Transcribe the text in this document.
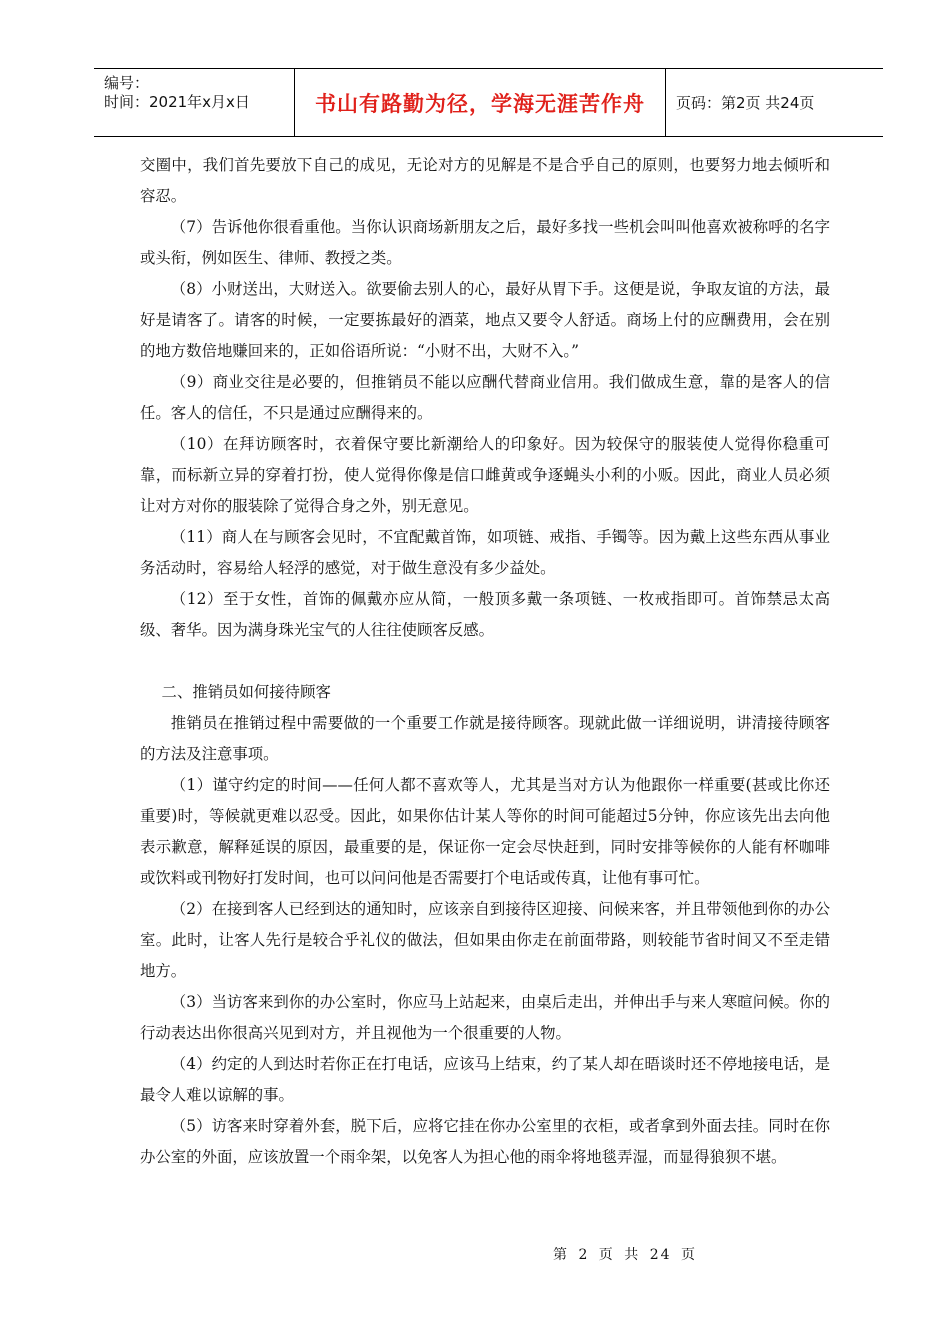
编号：
时间：2021年x月x日	书山有路勤为径，学海无涯苦作舟	页码：第2页 共24页

交圈中，我们首先要放下自己的成见，无论对方的见解是不是合乎自己的原则，也要努力地去倾听和容忍。

（7）告诉他你很看重他。当你认识商场新朋友之后，最好多找一些机会叫叫他喜欢被称呼的名字或头衔，例如医生、律师、教授之类。

（8）小财送出，大财送入。欲要偷去别人的心，最好从胃下手。这便是说，争取友谊的方法，最好是请客了。请客的时候，一定要拣最好的酒菜，地点又要令人舒适。商场上付的应酬费用，会在别的地方数倍地赚回来的，正如俗语所说：“小财不出，大财不入。”

（9）商业交往是必要的，但推销员不能以应酬代替商业信用。我们做成生意，靠的是客人的信任。客人的信任，不只是通过应酬得来的。

（10）在拜访顾客时，衣着保守要比新潮给人的印象好。因为较保守的服装使人觉得你稳重可靠，而标新立异的穿着打扮，使人觉得你像是信口雌黄或争逐蝇头小利的小贩。因此，商业人员必须让对方对你的服装除了觉得合身之外，别无意见。

（11）商人在与顾客会见时，不宜配戴首饰，如项链、戒指、手镯等。因为戴上这些东西从事业务活动时，容易给人轻浮的感觉，对于做生意没有多少益处。

（12）至于女性，首饰的佩戴亦应从简，一般顶多戴一条项链、一枚戒指即可。首饰禁忌太高级、奢华。因为满身珠光宝气的人往往使顾客反感。

二、推销员如何接待顾客

推销员在推销过程中需要做的一个重要工作就是接待顾客。现就此做一详细说明，讲清接待顾客的方法及注意事项。

（1）谨守约定的时间——任何人都不喜欢等人，尤其是当对方认为他跟你一样重要(甚或比你还重要)时，等候就更难以忍受。因此，如果你估计某人等你的时间可能超过5分钟，你应该先出去向他表示歉意，解释延误的原因，最重要的是，保证你一定会尽快赶到，同时安排等候你的人能有杯咖啡或饮料或刊物好打发时间，也可以问问他是否需要打个电话或传真，让他有事可忙。

（2）在接到客人已经到达的通知时，应该亲自到接待区迎接、问候来客，并且带领他到你的办公室。此时，让客人先行是较合乎礼仪的做法，但如果由你走在前面带路，则较能节省时间又不至走错地方。

（3）当访客来到你的办公室时，你应马上站起来，由桌后走出，并伸出手与来人寒暄问候。你的行动表达出你很高兴见到对方，并且视他为一个很重要的人物。

（4）约定的人到达时若你正在打电话，应该马上结束，约了某人却在晤谈时还不停地接电话，是最令人难以谅解的事。

（5）访客来时穿着外套，脱下后，应将它挂在你办公室里的衣柜，或者拿到外面去挂。同时在你办公室的外面，应该放置一个雨伞架，以免客人为担心他的雨伞将地毯弄湿，而显得狼狈不堪。

第 2 页 共 24 页
